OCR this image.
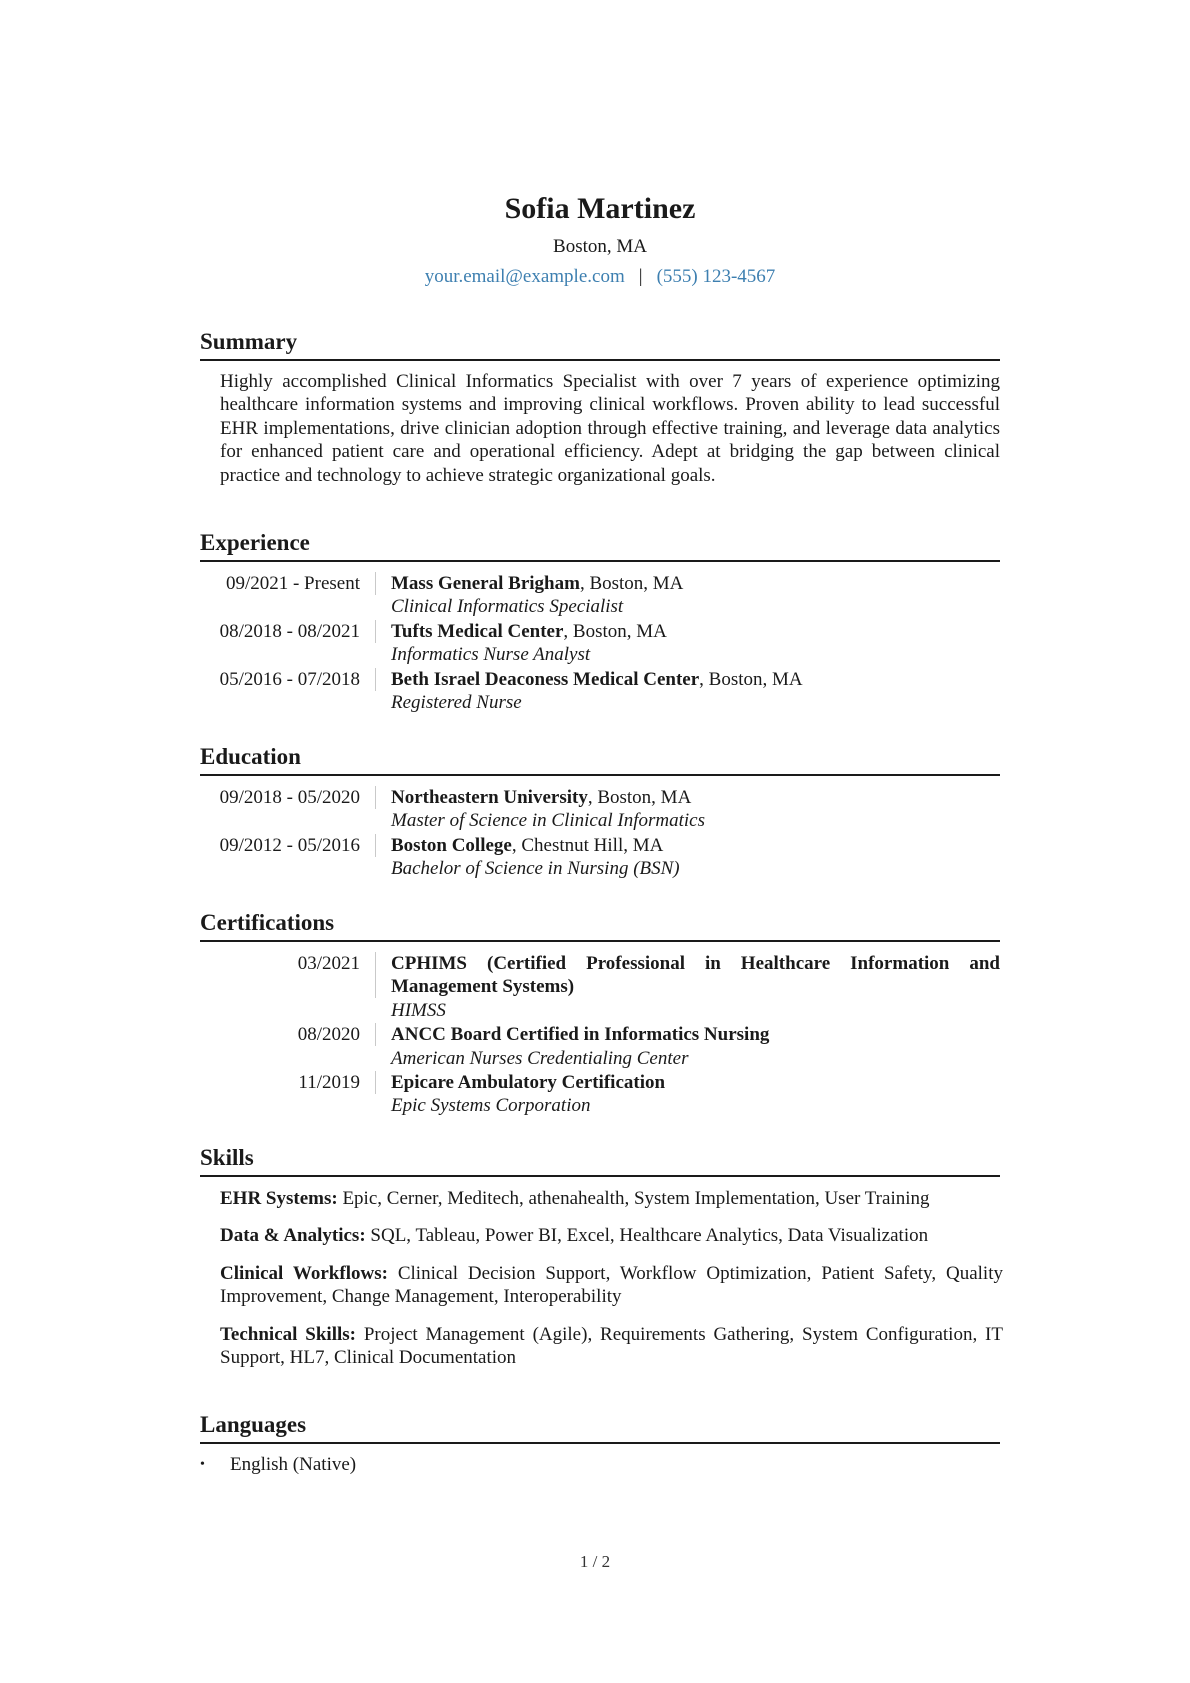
Sofia Martinez
Boston, MA
your.email@example.com | (555) 123-4567
Summary

Highly accomplished Clinical Informatics Specialist with over 7 years of experience optimizing healthcare information systems and improving clinical workflows. Proven ability to lead successful EHR implementations, drive clinician adoption through effective training, and leverage data analytics for enhanced patient care and operational efficiency. Adept at bridging the gap between clinical practice and technology to achieve strategic organizational goals.

Experience
09/2021 - Present	Mass General Brigham, Boston, MA
Clinical Informatics Specialist
08/2018 - 08/2021	Tufts Medical Center, Boston, MA
Informatics Nurse Analyst
05/2016 - 07/2018	Beth Israel Deaconess Medical Center, Boston, MA
Registered Nurse
Education
09/2018 - 05/2020	Northeastern University, Boston, MA
Master of Science in Clinical Informatics
09/2012 - 05/2016	Boston College, Chestnut Hill, MA
Bachelor of Science in Nursing (BSN)
Certifications
03/2021	CPHIMS (Certified Professional in Healthcare Information and Management Systems)
HIMSS
08/2020	ANCC Board Certified in Informatics Nursing
American Nurses Credentialing Center
11/2019	Epicare Ambulatory Certification
Epic Systems Corporation
Skills

EHR Systems: Epic, Cerner, Meditech, athenahealth, System Implementation, User Training

Data & Analytics: SQL, Tableau, Power BI, Excel, Healthcare Analytics, Data Visualization

Clinical Workflows: Clinical Decision Support, Workflow Optimization, Patient Safety, Quality Improvement, Change Management, Interoperability

Technical Skills: Project Management (Agile), Requirements Gathering, System Configuration, IT Support, HL7, Clinical Documentation

Languages
• English (Native)
1 / 2
